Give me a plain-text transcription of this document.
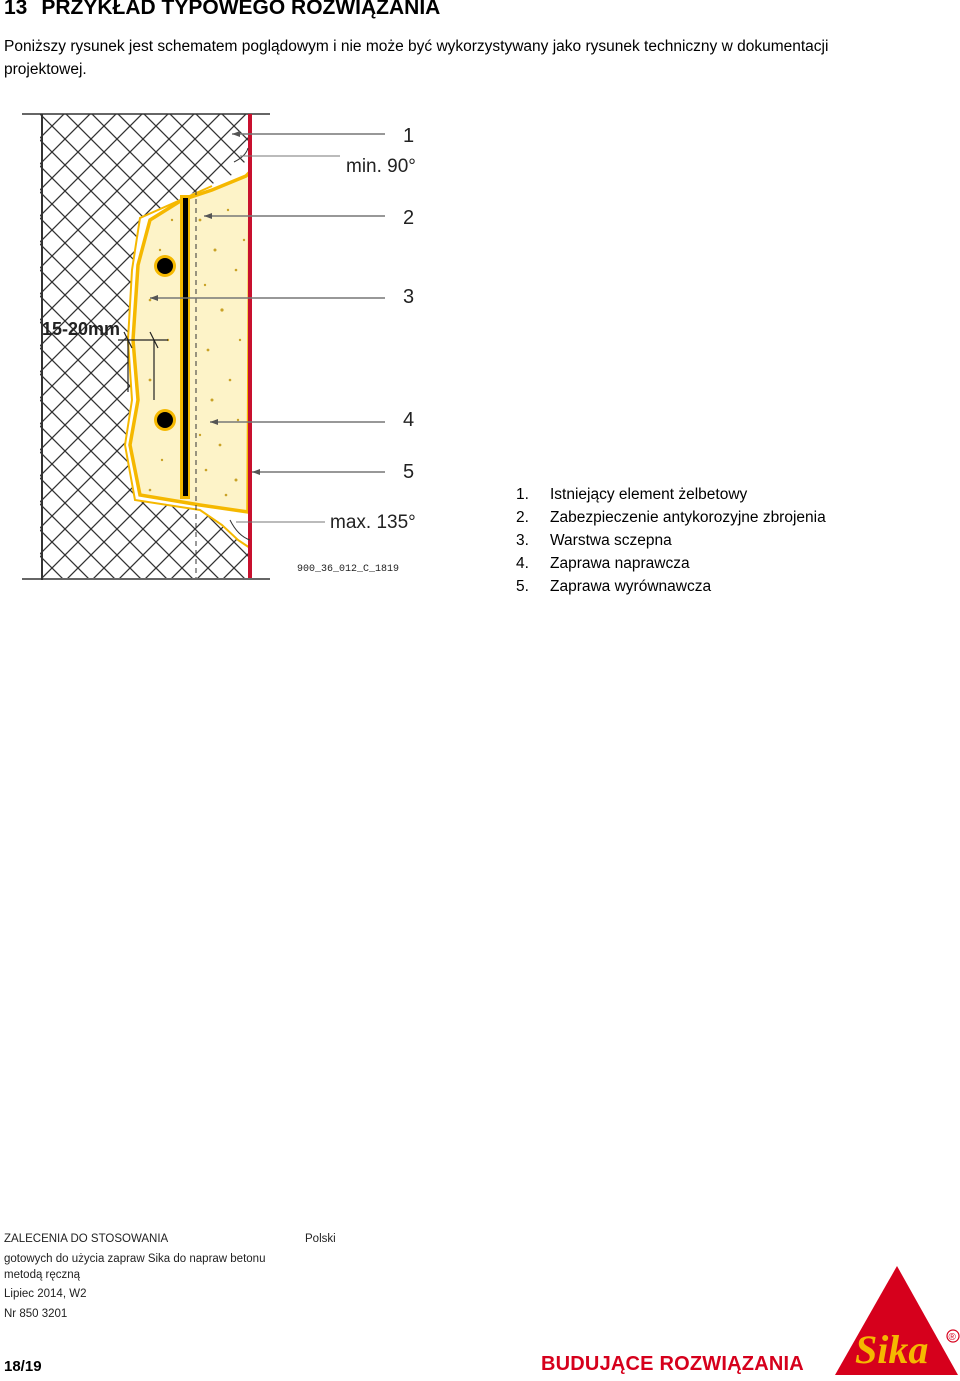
13 PRZYKŁAD TYPOWEGO ROZWIĄZANIA
Poniższy rysunek jest schematem poglądowym i nie może być wykorzystywany jako rysunek techniczny w dokumentacji projektowej.
1
2
3
4
5
min. 90°
max. 135°
15-20mm
900_36_012_C_1819
1. Istniejący element żelbetowy
2. Zabezpieczenie antykorozyjne zbrojenia
3. Warstwa sczepna
4. Zaprawa naprawcza
5. Zaprawa wyrównawcza
ZALECENIA DO STOSOWANIA	Polski
gotowych do użycia zapraw Sika do napraw betonu
metodą ręczną
Lipiec 2014, W2
Nr 850 3201
18/19	BUDUJĄCE ROZWIĄZANIA Sika ®
